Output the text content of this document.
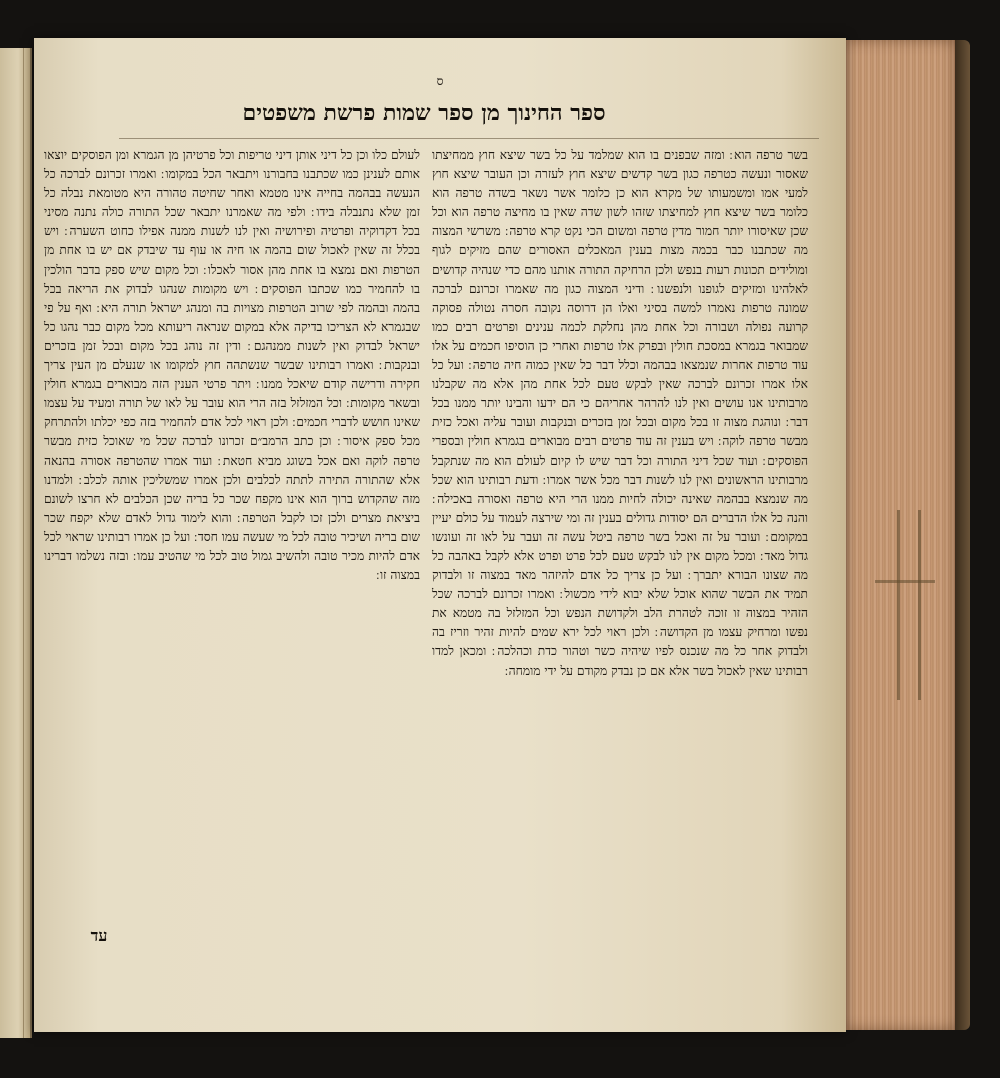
ס
ספר החינוך מן ספר שמות פרשת משפטים

בשר טרפה הוא ׃ ומזה שבפנים בו הוא שמלמד על כל בשר שיצא חוץ ממחיצתו שאסור ונעשה כטרפה כגון בשר קדשים שיצא חוץ לעזרה וכן העובר שיצא חוץ למעי אמו ומשמעותו של מקרא הוא כן כלומר אשר נשאר בשדה טרפה הוא כלומר בשר שיצא חוץ למחיצתו שזהו לשון שדה שאין בו מחיצה טרפה הוא וכל שכן שאיסורו יותר חמור מדין טרפה ומשום הכי נקט קרא טרפה ׃ משרשי המצוה מה שכתבנו כבר בכמה מצות בענין המאכלים האסורים שהם מזיקים לגוף ומולידים תכונות רעות בנפש ולכן הרחיקה התורה אותנו מהם כדי שנהיה קדושים לאלהינו ומזיקים לגופנו ולנפשנו ׃ ודיני המצוה כגון מה שאמרו זכרונם לברכה שמונה טרפות נאמרו למשה בסיני ואלו הן דרוסה נקובה חסרה נטולה פסוקה קרועה נפולה ושבורה וכל אחת מהן נחלקת לכמה ענינים ופרטים רבים כמו שמבואר בגמרא במסכת חולין ובפרק אלו טרפות ואחרי כן הוסיפו חכמים על אלו עוד טרפות אחרות שנמצאו בבהמה וכלל דבר כל שאין כמוה חיה טרפה ׃ ועל כל אלו אמרו זכרונם לברכה שאין לבקש טעם לכל אחת מהן אלא מה שקבלנו מרבותינו אנו עושים ואין לנו להרהר אחריהם כי הם ידעו והבינו יותר ממנו בכל דבר ׃ ונוהגת מצוה זו בכל מקום ובכל זמן בזכרים ובנקבות ועובר עליה ואכל כזית מבשר טרפה לוקה ׃ ויש בענין זה עוד פרטים רבים מבוארים בגמרא חולין ובספרי הפוסקים ׃ ועוד שכל דיני התורה וכל דבר שיש לו קיום לעולם הוא מה שנתקבל מרבותינו הראשונים ואין לנו לשנות דבר מכל אשר אמרו ׃ ודעת רבותינו הוא שכל מה שנמצא בבהמה שאינה יכולה לחיות ממנו הרי היא טרפה ואסורה באכילה ׃ והנה כל אלו הדברים הם יסודות גדולים בענין זה ומי שירצה לעמוד על כולם יעיין במקומם ׃ ועובר על זה ואכל בשר טרפה ביטל עשה זה ועבר על לאו זה ועונשו גדול מאד ׃ ומכל מקום אין לנו לבקש טעם לכל פרט ופרט אלא לקבל באהבה כל מה שצונו הבורא יתברך ׃ ועל כן צריך כל אדם להיזהר מאד במצוה זו ולבדוק תמיד את הבשר שהוא אוכל שלא יבוא לידי מכשול ׃ ואמרו זכרונם לברכה שכל הזהיר במצוה זו זוכה לטהרת הלב ולקדושת הנפש וכל המזלזל בה מטמא את נפשו ומרחיק עצמו מן הקדושה ׃ ולכן ראוי לכל ירא שמים להיות זהיר וזריז בה ולבדוק אחר כל מה שנכנס לפיו שיהיה כשר וטהור כדת וכהלכה ׃ ומכאן למדו רבותינו שאין לאכול בשר אלא אם כן נבדק מקודם על ידי מומחה ׃

לעולם כלו וכן כל דיני אותן דיני טריפות וכל פרטיהן מן הגמרא ומן הפוסקים יוצאו אותם לענינן כמו שכתבנו בחבורנו ויתבאר הכל במקומו ׃ ואמרו זכרונם לברכה כל הנעשה בבהמה בחייה אינו מטמא ואחר שחיטה טהורה היא מטומאת נבלה כל זמן שלא נתנבלה בידו ׃ ולפי מה שאמרנו יתבאר שכל התורה כולה נתנה מסיני בכל דקדוקיה ופרטיה ופירושיה ואין לנו לשנות ממנה אפילו כחוט השערה ׃ ויש בכלל זה שאין לאכול שום בהמה או חיה או עוף עד שיבדק אם יש בו אחת מן הטרפות ואם נמצא בו אחת מהן אסור לאכלו ׃ וכל מקום שיש ספק בדבר הולכין בו להחמיר כמו שכתבו הפוסקים ׃ ויש מקומות שנהגו לבדוק את הריאה בכל בהמה ובהמה לפי שרוב הטרפות מצויות בה ומנהג ישראל תורה היא ׃ ואף על פי שבגמרא לא הצריכו בדיקה אלא במקום שנראה ריעותא מכל מקום כבר נהגו כל ישראל לבדוק ואין לשנות ממנהגם ׃ ודין זה נוהג בכל מקום ובכל זמן בזכרים ובנקבות ׃ ואמרו רבותינו שבשר שנשתהה חוץ למקומו או שנעלם מן העין צריך חקירה ודרישה קודם שיאכל ממנו ׃ ויתר פרטי הענין הזה מבוארים בגמרא חולין ובשאר מקומות ׃ וכל המזלזל בזה הרי הוא עובר על לאו של תורה ומעיד על עצמו שאינו חושש לדברי חכמים ׃ ולכן ראוי לכל אדם להחמיר בזה כפי יכלתו ולהתרחק מכל ספק איסור ׃ וכן כתב הרמב״ם זכרונו לברכה שכל מי שאוכל כזית מבשר טרפה לוקה ואם אכל בשוגג מביא חטאת ׃ ועוד אמרו שהטרפה אסורה בהנאה אלא שהתורה התירה לתתה לכלבים ולכן אמרו שמשליכין אותה לכלב ׃ ולמדנו מזה שהקדוש ברוך הוא אינו מקפח שכר כל בריה שכן הכלבים לא חרצו לשונם ביציאת מצרים ולכן זכו לקבל הטרפה ׃ והוא לימוד גדול לאדם שלא יקפח שכר שום בריה ושיכיר טובה לכל מי שעשה עמו חסד ׃ ועל כן אמרו רבותינו שראוי לכל אדם להיות מכיר טובה ולהשיב גמול טוב לכל מי שהטיב עמו ׃ ובזה נשלמו דברינו במצוה זו ׃

עד
